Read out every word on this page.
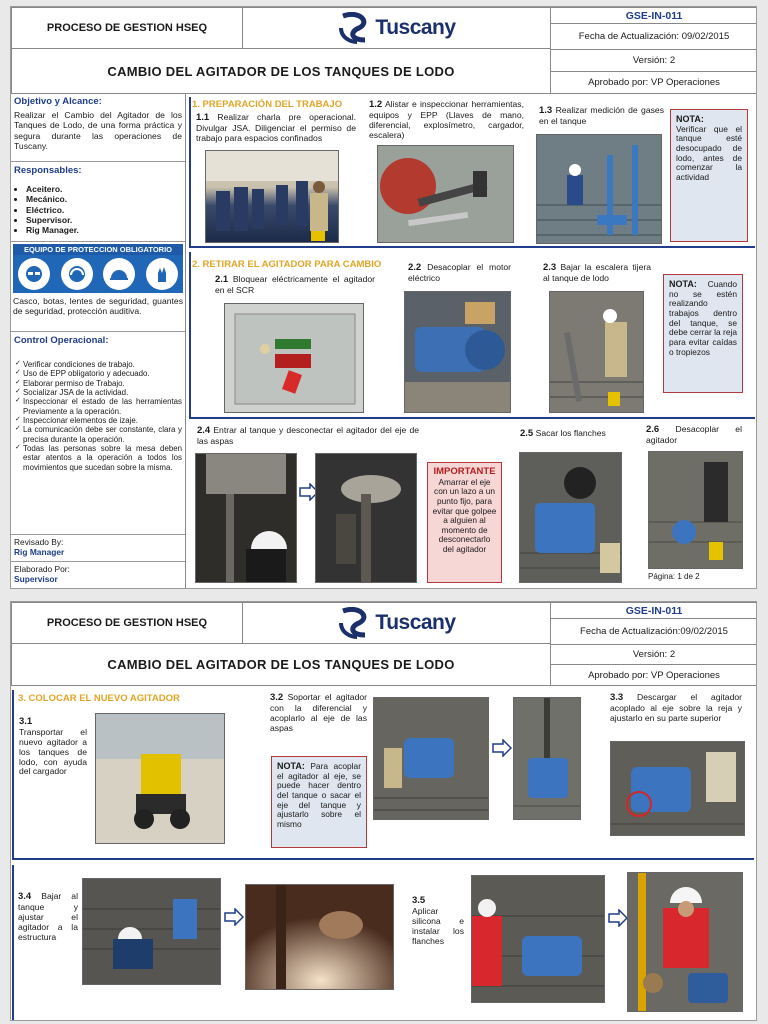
PROCESO DE GESTION HSEQ	Tuscany
GSE-IN-011
Fecha de Actualización: 09/02/2015
CAMBIO DEL AGITADOR DE LOS TANQUES DE LODO
Versión: 2
Aprobado por: VP Operaciones
Objetivo y Alcance:
Realizar el Cambio del Agitador de los Tanques de Lodo, de una forma práctica y segura durante las operaciones de Tuscany.
Responsables:
• Aceitero.
• Mecánico.
• Eléctrico.
• Supervisor.
• Rig Manager.
EQUIPO DE PROTECCION OBLIGATORIO
Casco, botas, lentes de seguridad, guantes de seguridad, protección auditiva.
Control Operacional:
✓ Verificar condiciones de trabajo.
✓ Uso de EPP obligatorio y adecuado.
✓ Elaborar permiso de Trabajo.
✓ Socializar JSA de la actividad.
✓ Inspeccionar el estado de las herramientas Previamente a la operación.
✓ Inspeccionar elementos de izaje.
✓ La comunicación debe ser constante, clara y precisa durante la operación.
✓ Todas las personas sobre la mesa deben estar atentos a la operación a todos los movimientos que sucedan sobre la misma.
Revisado By:
Rig Manager
Elaborado Por:
Supervisor
1. PREPARACIÓN DEL TRABAJO
1.1 Realizar charla pre operacional. Divulgar JSA. Diligenciar el permiso de trabajo para espacios confinados
1.2 Alistar e inspeccionar herramientas, equipos y EPP (Llaves de mano, diferencial, explosímetro, cargador, escalera)
1.3 Realizar medición de gases en el tanque	NOTA:
Verificar que el tanque esté desocupado de lodo, antes de comenzar la actividad
2. RETIRAR EL AGITADOR PARA CAMBIO
2.1 Bloquear eléctricamente el agitador en el SCR
2.2 Desacoplar el motor eléctrico
2.3 Bajar la escalera tijera al tanque de lodo
NOTA: Cuando no se estén realizando trabajos dentro del tanque, se debe cerrar la reja para evitar caídas o tropiezos
2.4 Entrar al tanque y desconectar el agitador del eje de las aspas
IMPORTANTE
Amarrar el eje con un lazo a un punto fijo, para evitar que golpee a alguien al momento de desconectarlo del agitador
2.5 Sacar los flanches	2.6 Desacoplar el agitador
Página: 1 de 2
PROCESO DE GESTION HSEQ	Tuscany
GSE-IN-011
Fecha de Actualización:09/02/2015
CAMBIO DEL AGITADOR DE LOS TANQUES DE LODO
Versión: 2
Aprobado por: VP Operaciones
3. COLOCAR EL NUEVO AGITADOR
3.1
Transportar el nuevo agitador a los tanques de lodo, con ayuda del cargador
3.2 Soportar el agitador con la diferencial y acoplarlo al eje de las aspas
NOTA: Para acoplar el agitador al eje, se puede hacer dentro del tanque o sacar el eje del tanque y ajustarlo sobre el mismo
3.3 Descargar el agitador acoplado al eje sobre la reja y ajustarlo en su parte superior
3.4 Bajar al tanque y ajustar el agitador a la estructura
3.5
Aplicar silicona e instalar los flanches
